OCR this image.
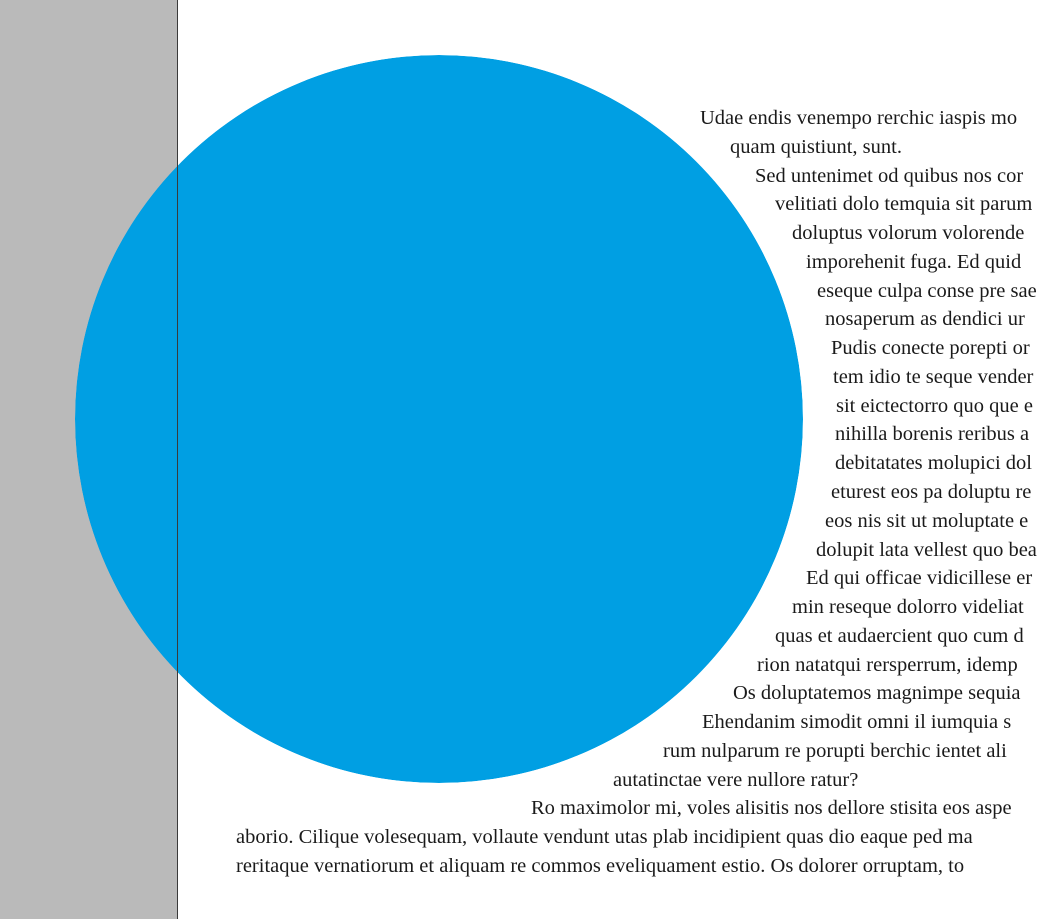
Udae endis venempo rerchic iaspis mo
quam quistiunt, sunt.
Sed untenimet od quibus nos cor
velitiati dolo temquia sit parum
doluptus volorum volorende
imporehenit fuga. Ed quid
eseque culpa conse pre sae
nosaperum as dendici ur
Pudis conecte porepti or
tem idio te seque vender
sit eictectorro quo que e
nihilla borenis reribus a
debitatates molupici dol
eturest eos pa doluptu re
eos nis sit ut moluptate e
dolupit lata vellest quo bea
Ed qui officae vidicillese er
min reseque dolorro videliat
quas et audaercient quo cum d
rion natatqui rersperrum, idemp
Os doluptatemos magnimpe sequia
Ehendanim simodit omni il iumquia s
rum nulparum re porupti berchic ientet ali
autatinctae vere nullore ratur?
Ro maximolor mi, voles alisitis nos dellore stisita eos aspe
aborio. Cilique volesequam, vollaute vendunt utas plab incidipient quas dio eaque ped ma
reritaque vernatiorum et aliquam re commos eveliquament estio. Os dolorer orruptam, to
